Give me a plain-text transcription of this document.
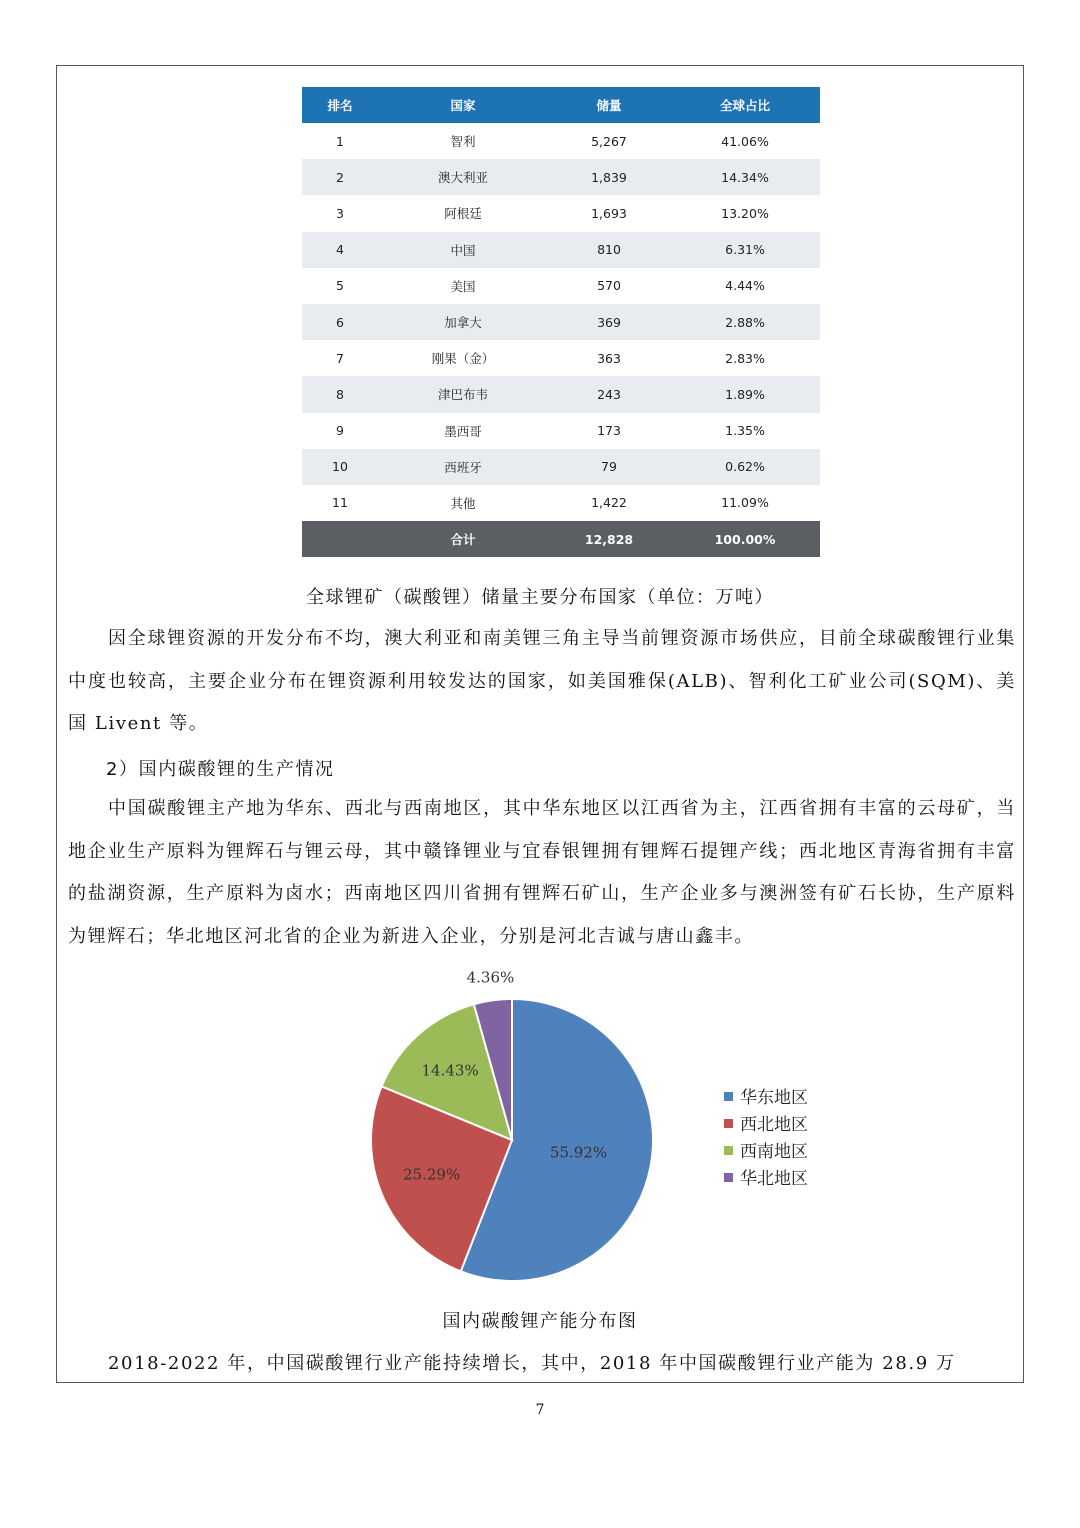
排名	国家	储量	全球占比
1	智利	5,267	41.06%
2	澳大利亚	1,839	14.34%
3	阿根廷	1,693	13.20%
4	中国	810	6.31%
5	美国	570	4.44%
6	加拿大	369	2.88%
7	刚果（金）	363	2.83%
8	津巴布韦	243	1.89%
9	墨西哥	173	1.35%
10	西班牙	79	0.62%
11	其他	1,422	11.09%
	合计	12,828	100.00%
全球锂矿（碳酸锂）储量主要分布国家（单位：万吨）

因全球锂资源的开发分布不均，澳大利亚和南美锂三角主导当前锂资源市场供应，目前全球碳酸锂行业集中度也较高，主要企业分布在锂资源利用较发达的国家，如美国雅保(ALB)、智利化工矿业公司(SQM)、美国 Livent 等。

2）国内碳酸锂的生产情况

中国碳酸锂主产地为华东、西北与西南地区，其中华东地区以江西省为主，江西省拥有丰富的云母矿，当地企业生产原料为锂辉石与锂云母，其中赣锋锂业与宜春银锂拥有锂辉石提锂产线；西北地区青海省拥有丰富的盐湖资源，生产原料为卤水；西南地区四川省拥有锂辉石矿山，生产企业多与澳洲签有矿石长协，生产原料为锂辉石；华北地区河北省的企业为新进入企业，分别是河北吉诚与唐山鑫丰。

55.92%
25.29%
14.43%
4.36%
华东地区
西北地区
西南地区
华北地区
国内碳酸锂产能分布图
2018-2022 年，中国碳酸锂行业产能持续增长，其中，2018 年中国碳酸锂行业产能为 28.9 万
7
